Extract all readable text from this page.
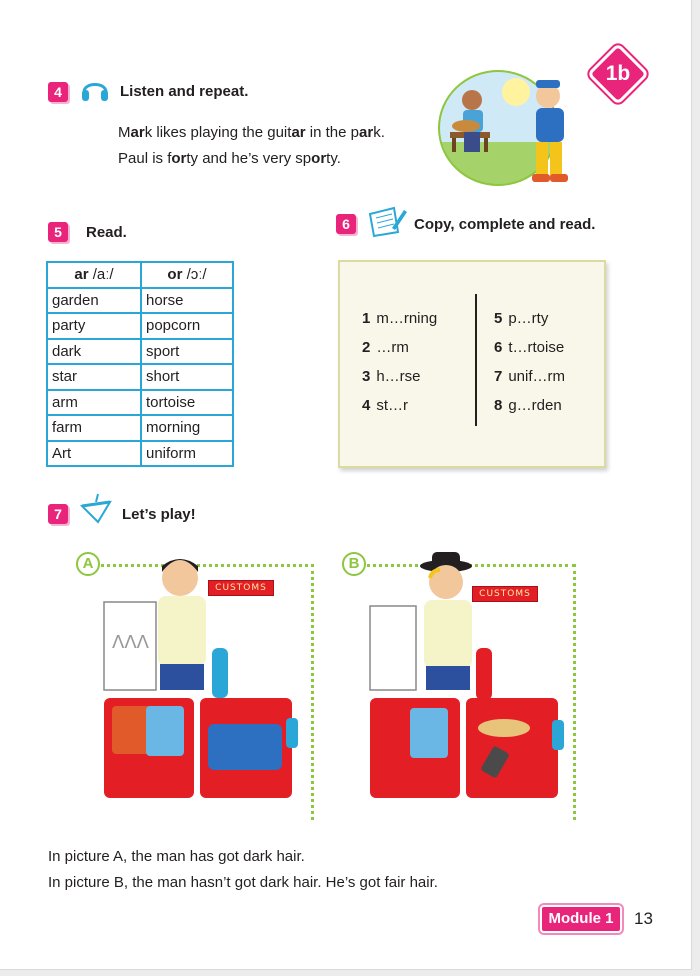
1b
4	Listen and repeat.
Mark likes playing the guitar in the park.
Paul is forty and he’s very sporty.
5	Read.
ar /aː/	or /ɔː/
garden	horse
party	popcorn
dark	sport
star	short
arm	tortoise
farm	morning
Art	uniform
6	Copy, complete and read.
1 m…rning
2 …rm
3 h…rse
4 st…r
5 p…rty
6 t…rtoise
7 unif…rm
8 g…rden
7	Let’s play!
A
CUSTOMS
ꓥꓥꓥ
B
CUSTOMS
In picture A, the man has got dark hair.
In picture B, the man hasn’t got dark hair. He’s got fair hair.
Module 1	13
